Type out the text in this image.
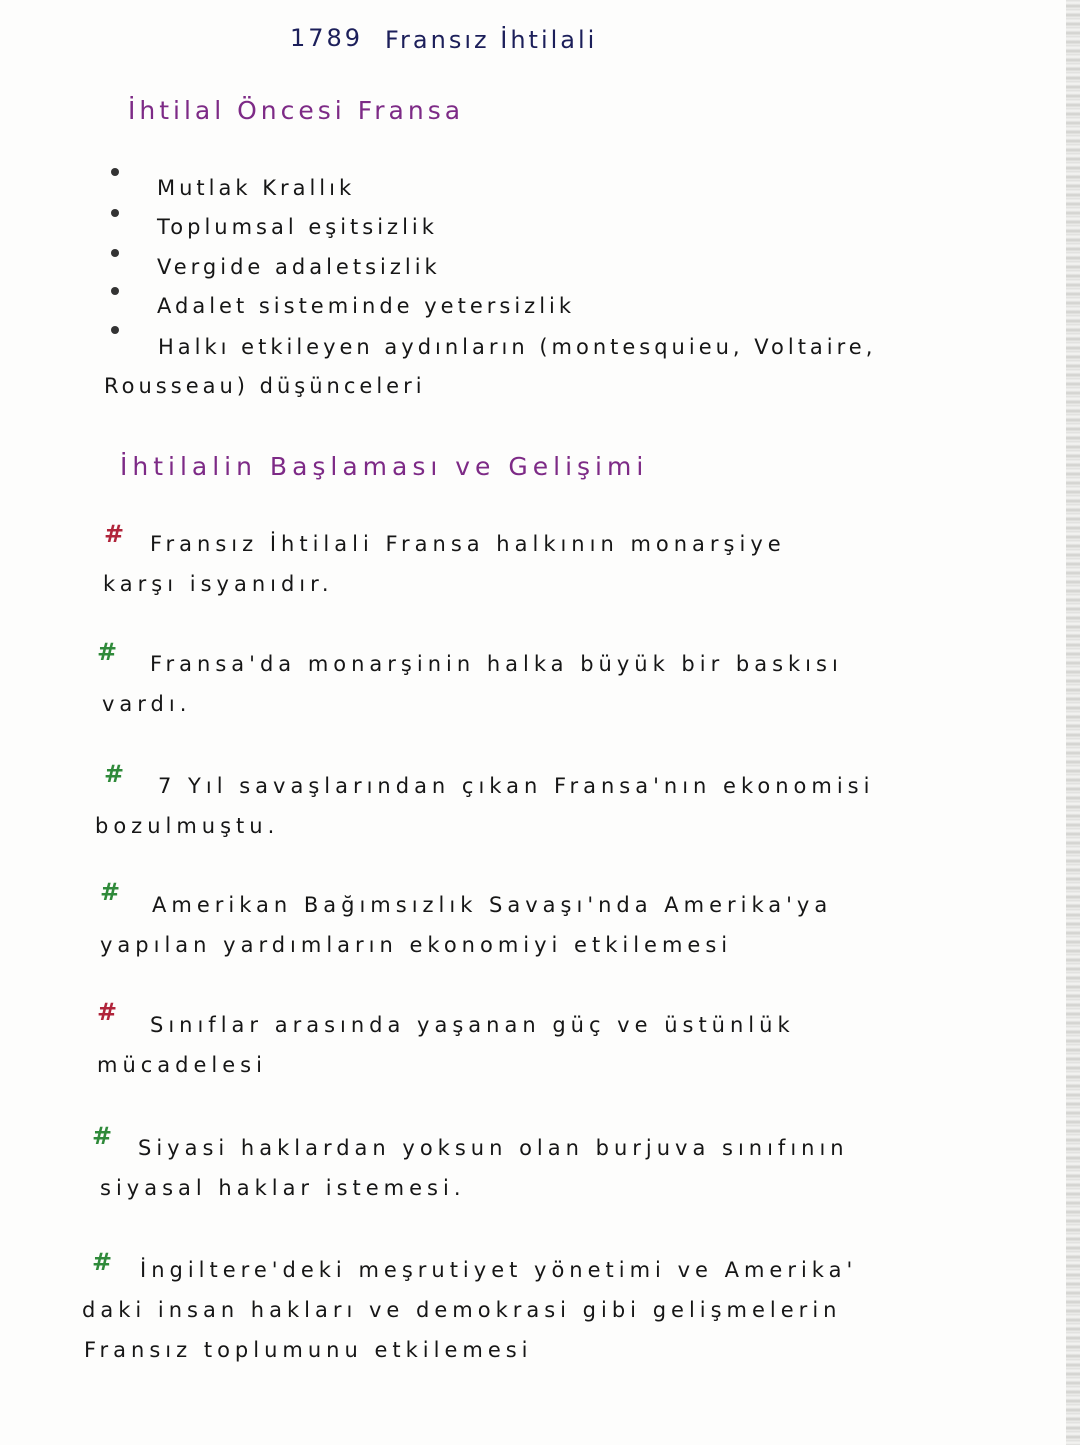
1789 Fransız İhtilali
İhtilal Öncesi Fransa
Mutlak Krallık
Toplumsal eşitsizlik
Vergide adaletsizlik
Adalet sisteminde yetersizlik
Halkı etkileyen aydınların (montesquieu, Voltaire,
Rousseau) düşünceleri
İhtilalin Başlaması ve Gelişimi
# Fransız İhtilali Fransa halkının monarşiye
karşı isyanıdır.
# Fransa'da monarşinin halka büyük bir baskısı
vardı.
# 7 Yıl savaşlarından çıkan Fransa'nın ekonomisi
bozulmuştu.
# Amerikan Bağımsızlık Savaşı'nda Amerika'ya
yapılan yardımların ekonomiyi etkilemesi
# Sınıflar arasında yaşanan güç ve üstünlük
mücadelesi
# Siyasi haklardan yoksun olan burjuva sınıfının
siyasal haklar istemesi.
# İngiltere'deki meşrutiyet yönetimi ve Amerika'
daki insan hakları ve demokrasi gibi gelişmelerin
Fransız toplumunu etkilemesi
